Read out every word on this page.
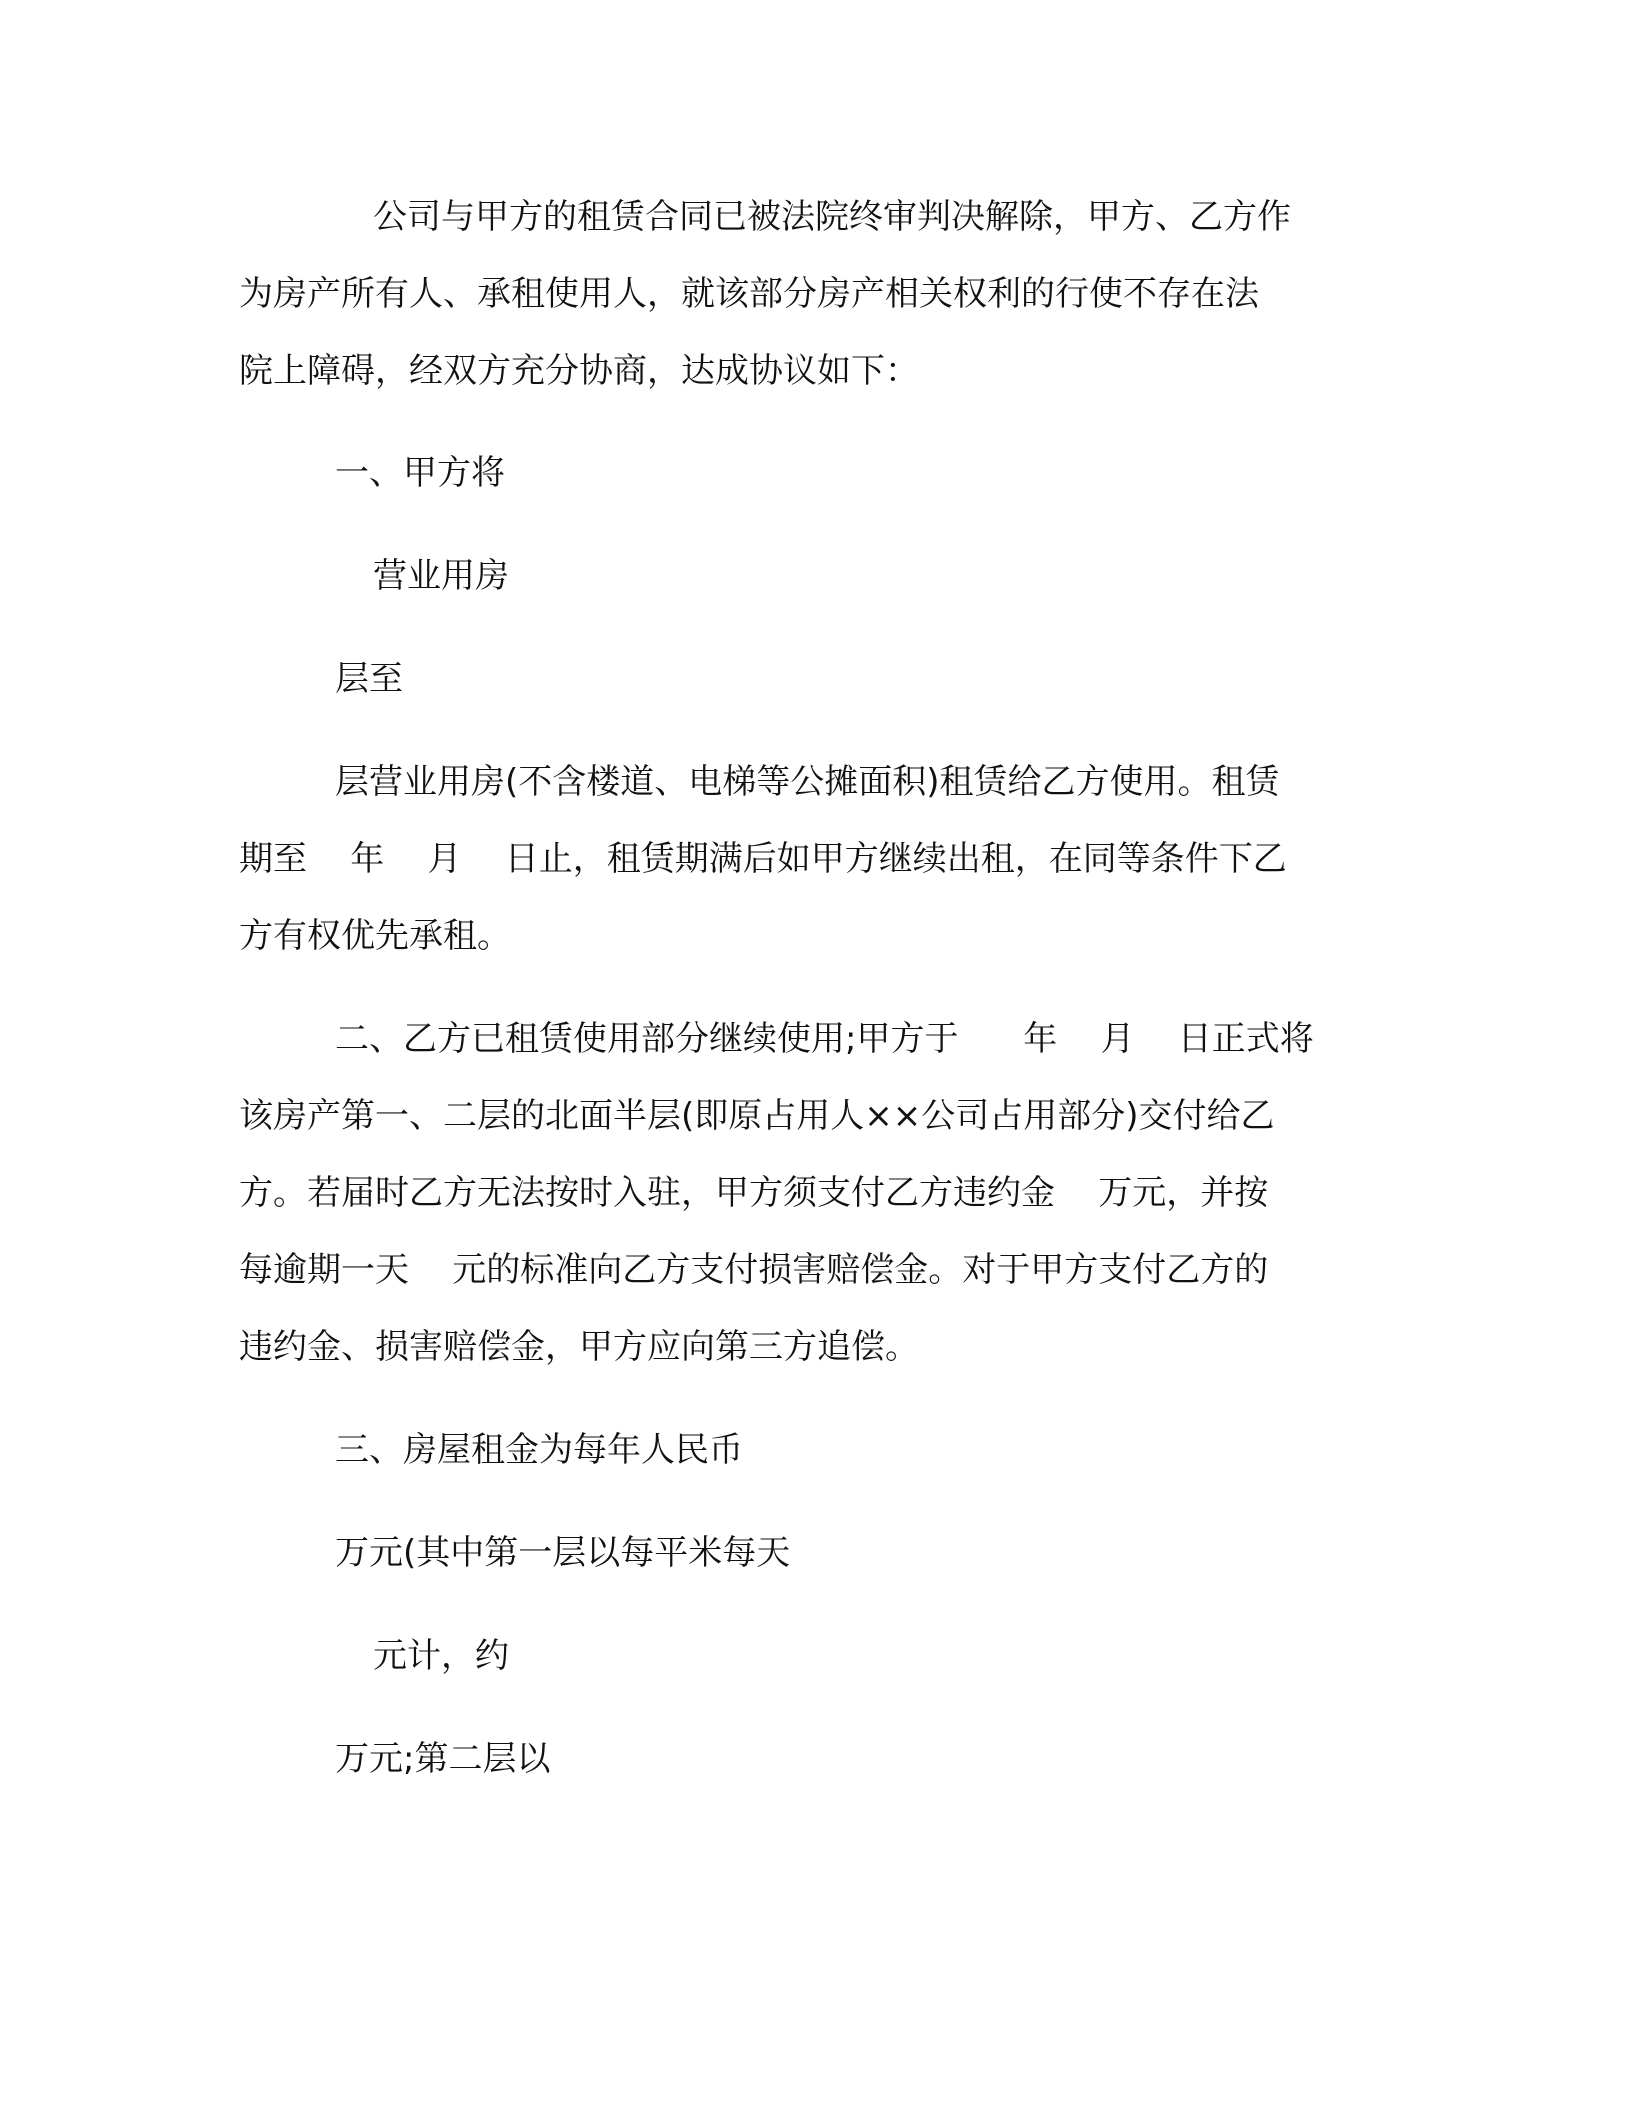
公司与甲方的租赁合同已被法院终审判决解除，甲方、乙方作

为房产所有人、承租使用人，就该部分房产相关权利的行使不存在法

院上障碍，经双方充分协商，达成协议如下：

一、甲方将

营业用房

层至

层营业用房(不含楼道、电梯等公摊面积)租赁给乙方使用。租赁

期至    年    月    日止，租赁期满后如甲方继续出租，在同等条件下乙

方有权优先承租。

二、乙方已租赁使用部分继续使用;甲方于      年    月    日正式将

该房产第一、二层的北面半层(即原占用人××公司占用部分)交付给乙

方。若届时乙方无法按时入驻，甲方须支付乙方违约金    万元，并按

每逾期一天    元的标准向乙方支付损害赔偿金。对于甲方支付乙方的

违约金、损害赔偿金，甲方应向第三方追偿。

三、房屋租金为每年人民币

万元(其中第一层以每平米每天

元计，约

万元;第二层以
